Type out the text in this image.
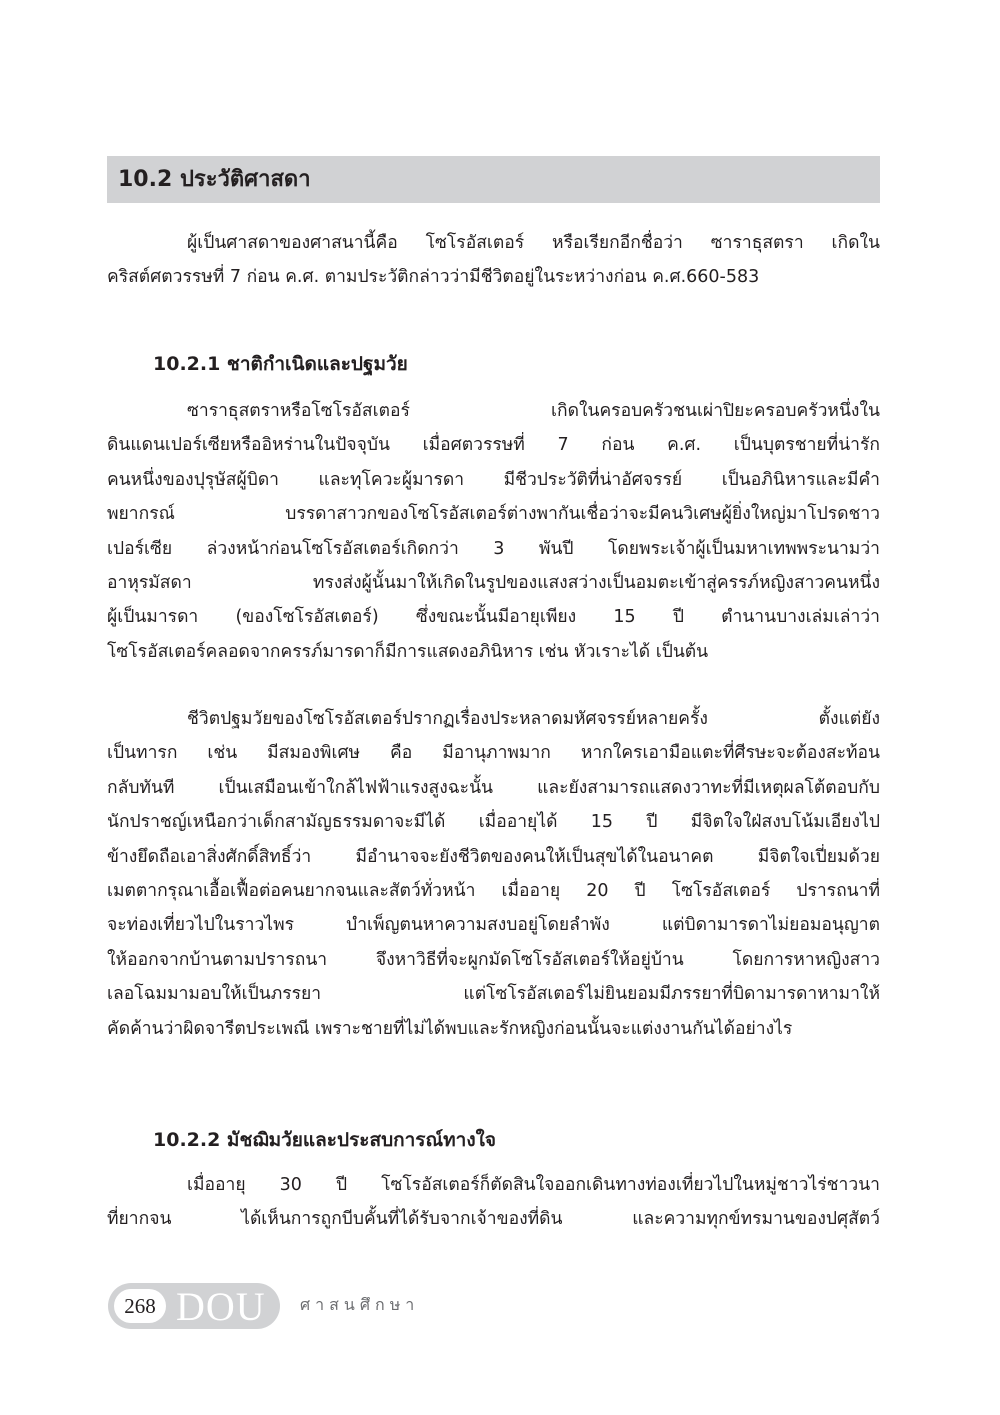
10.2 ประวัติศาสดา
ผู้เป็นศาสดาของศาสนานี้คือ โซโรอัสเตอร์ หรือเรียกอีกชื่อว่า ซาราธุสตรา เกิดใน
คริสต์ศตวรรษที่ 7 ก่อน ค.ศ. ตามประวัติกล่าวว่ามีชีวิตอยู่ในระหว่างก่อน ค.ศ.660-583
10.2.1 ชาติกำเนิดและปฐมวัย
ซาราธุสตราหรือโซโรอัสเตอร์ เกิดในครอบครัวชนเผ่าปิยะครอบครัวหนึ่งใน
ดินแดนเปอร์เซียหรืออิหร่านในปัจจุบัน เมื่อศตวรรษที่ 7 ก่อน ค.ศ. เป็นบุตรชายที่น่ารัก
คนหนึ่งของปุรุษัสผู้บิดา และทุโควะผู้มารดา มีชีวประวัติที่น่าอัศจรรย์ เป็นอภินิหารและมีคำ
พยากรณ์ บรรดาสาวกของโซโรอัสเตอร์ต่างพากันเชื่อว่าจะมีคนวิเศษผู้ยิ่งใหญ่มาโปรดชาว
เปอร์เซีย ล่วงหน้าก่อนโซโรอัสเตอร์เกิดกว่า 3 พันปี โดยพระเจ้าผู้เป็นมหาเทพพระนามว่า
อาหุรมัสดา ทรงส่งผู้นั้นมาให้เกิดในรูปของแสงสว่างเป็นอมตะเข้าสู่ครรภ์หญิงสาวคนหนึ่ง
ผู้เป็นมารดา (ของโซโรอัสเตอร์) ซึ่งขณะนั้นมีอายุเพียง 15 ปี ตำนานบางเล่มเล่าว่า
โซโรอัสเตอร์คลอดจากครรภ์มารดาก็มีการแสดงอภินิหาร เช่น หัวเราะได้ เป็นต้น
ชีวิตปฐมวัยของโซโรอัสเตอร์ปรากฏเรื่องประหลาดมหัศจรรย์หลายครั้ง ตั้งแต่ยัง
เป็นทารก เช่น มีสมองพิเศษ คือ มีอานุภาพมาก หากใครเอามือแตะที่ศีรษะจะต้องสะท้อน
กลับทันที เป็นเสมือนเข้าใกล้ไฟฟ้าแรงสูงฉะนั้น และยังสามารถแสดงวาทะที่มีเหตุผลโต้ตอบกับ
นักปราชญ์เหนือกว่าเด็กสามัญธรรมดาจะมีได้ เมื่ออายุได้ 15 ปี มีจิตใจใฝ่สงบโน้มเอียงไป
ข้างยึดถือเอาสิ่งศักดิ์สิทธิ์ว่า มีอำนาจจะยังชีวิตของคนให้เป็นสุขได้ในอนาคต มีจิตใจเปี่ยมด้วย
เมตตากรุณาเอื้อเฟื้อต่อคนยากจนและสัตว์ทั่วหน้า เมื่ออายุ 20 ปี โซโรอัสเตอร์ ปรารถนาที่
จะท่องเที่ยวไปในราวไพร บำเพ็ญตนหาความสงบอยู่โดยลำพัง แต่บิดามารดาไม่ยอมอนุญาต
ให้ออกจากบ้านตามปรารถนา จึงหาวิธีที่จะผูกมัดโซโรอัสเตอร์ให้อยู่บ้าน โดยการหาหญิงสาว
เลอโฉมมามอบให้เป็นภรรยา แต่โซโรอัสเตอร์ไม่ยินยอมมีภรรยาที่บิดามารดาหามาให้
คัดค้านว่าผิดจารีตประเพณี เพราะชายที่ไม่ได้พบและรักหญิงก่อนนั้นจะแต่งงานกันได้อย่างไร
10.2.2 มัชฌิมวัยและประสบการณ์ทางใจ
เมื่ออายุ 30 ปี โซโรอัสเตอร์ก็ตัดสินใจออกเดินทางท่องเที่ยวไปในหมู่ชาวไร่ชาวนา
ที่ยากจน ได้เห็นการถูกบีบคั้นที่ได้รับจากเจ้าของที่ดิน และความทุกข์ทรมานของปศุสัตว์
268 DOU ศาสนศึกษา
